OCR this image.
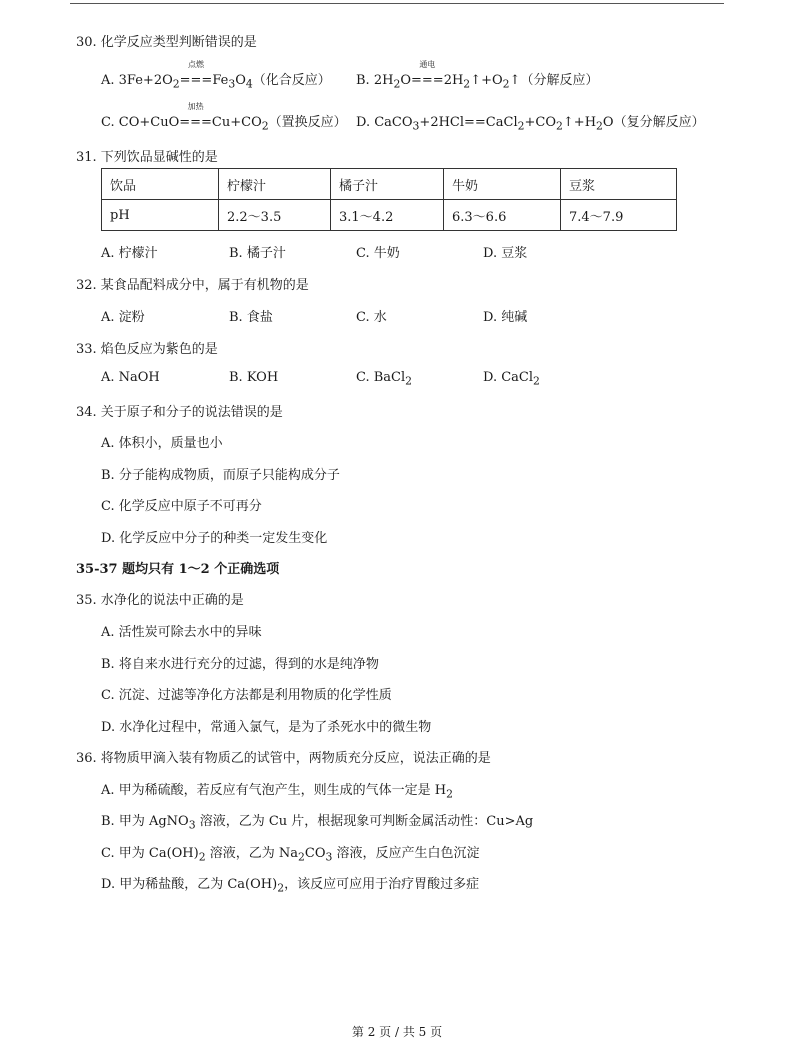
30. 化学反应类型判断错误的是
A. $3Fe+2O_2$
点燃
$===Fe_3O_4$（化合反应） B. $2H_2O$
通电
$===2H_2↑+O_2↑$（分解反应）
C. CO+CuO
加热
$===Cu+CO_2$（置换反应） D. $CaCO_3+2HCl==CaCl_2+CO_2↑+H_2O$（复分解反应）
31. 下列饮品显碱性的是
饮品	柠檬汁	橘子汁	牛奶	豆浆
pH	2.2～3.5	3.1～4.2	6.3～6.6	7.4～7.9
A. 柠檬汁	B. 橘子汁	C. 牛奶	D. 豆浆
32. 某食品配料成分中，属于有机物的是
A. 淀粉	B. 食盐	C. 水	D. 纯碱
33. 焰色反应为紫色的是
A. NaOH	B. KOH	C. BaCl$_2$	D. CaCl$_2$
34. 关于原子和分子的说法错误的是
A. 体积小，质量也小
B. 分子能构成物质，而原子只能构成分子
C. 化学反应中原子不可再分
D. 化学反应中分子的种类一定发生变化
35-37 题均只有 1～2 个正确选项
35. 水净化的说法中正确的是
A. 活性炭可除去水中的异味
B. 将自来水进行充分的过滤，得到的水是纯净物
C. 沉淀、过滤等净化方法都是利用物质的化学性质
D. 水净化过程中，常通入氯气，是为了杀死水中的微生物
36. 将物质甲滴入装有物质乙的试管中，两物质充分反应，说法正确的是
A. 甲为稀硫酸，若反应有气泡产生，则生成的气体一定是 $H_2$
B. 甲为 AgNO$_3$ 溶液，乙为 Cu 片，根据现象可判断金属活动性：Cu>Ag
C. 甲为 $Ca(OH)_2$ 溶液，乙为 $Na_2CO_3$ 溶液，反应产生白色沉淀
D. 甲为稀盐酸，乙为 $Ca(OH)_2$，该反应可应用于治疗胃酸过多症
第 2 页 / 共 5 页
